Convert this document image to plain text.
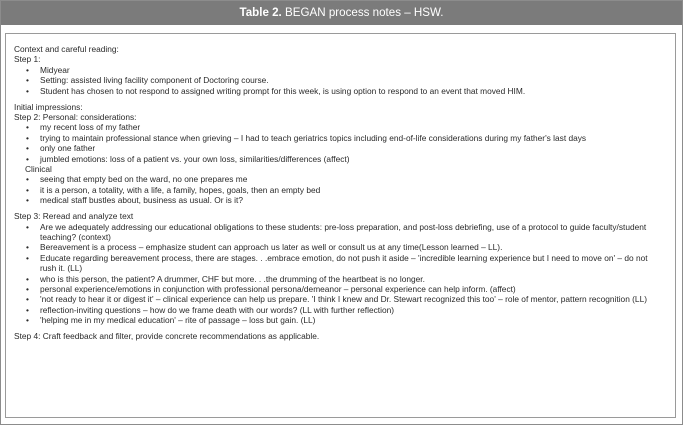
Table 2. BEGAN process notes – HSW.
Context and careful reading:
Step 1:
• Midyear
• Setting: assisted living facility component of Doctoring course.
• Student has chosen to not respond to assigned writing prompt for this week, is using option to respond to an event that moved HIM.
Initial impressions:
Step 2: Personal: considerations:
• my recent loss of my father
• trying to maintain professional stance when grieving – I had to teach geriatrics topics including end-of-life considerations during my father's last days
• only one father
• jumbled emotions: loss of a patient vs. your own loss, similarities/differences (affect)
Clinical
• seeing that empty bed on the ward, no one prepares me
• it is a person, a totality, with a life, a family, hopes, goals, then an empty bed
• medical staff bustles about, business as usual. Or is it?
Step 3: Reread and analyze text
• Are we adequately addressing our educational obligations to these students: pre-loss preparation, and post-loss debriefing, use of a protocol to guide faculty/student teaching? (context)
• Bereavement is a process – emphasize student can approach us later as well or consult us at any time(Lesson learned – LL).
• Educate regarding bereavement process, there are stages. . .embrace emotion, do not push it aside – 'incredible learning experience but I need to move on' – do not rush it. (LL)
• who is this person, the patient? A drummer, CHF but more. . .the drumming of the heartbeat is no longer.
• personal experience/emotions in conjunction with professional persona/demeanor – personal experience can help inform. (affect)
• 'not ready to hear it or digest it' – clinical experience can help us prepare. 'I think I knew and Dr. Stewart recognized this too' – role of mentor, pattern recognition (LL)
• reflection-inviting questions – how do we frame death with our words? (LL with further reflection)
• 'helping me in my medical education' – rite of passage – loss but gain. (LL)
Step 4: Craft feedback and filter, provide concrete recommendations as applicable.
